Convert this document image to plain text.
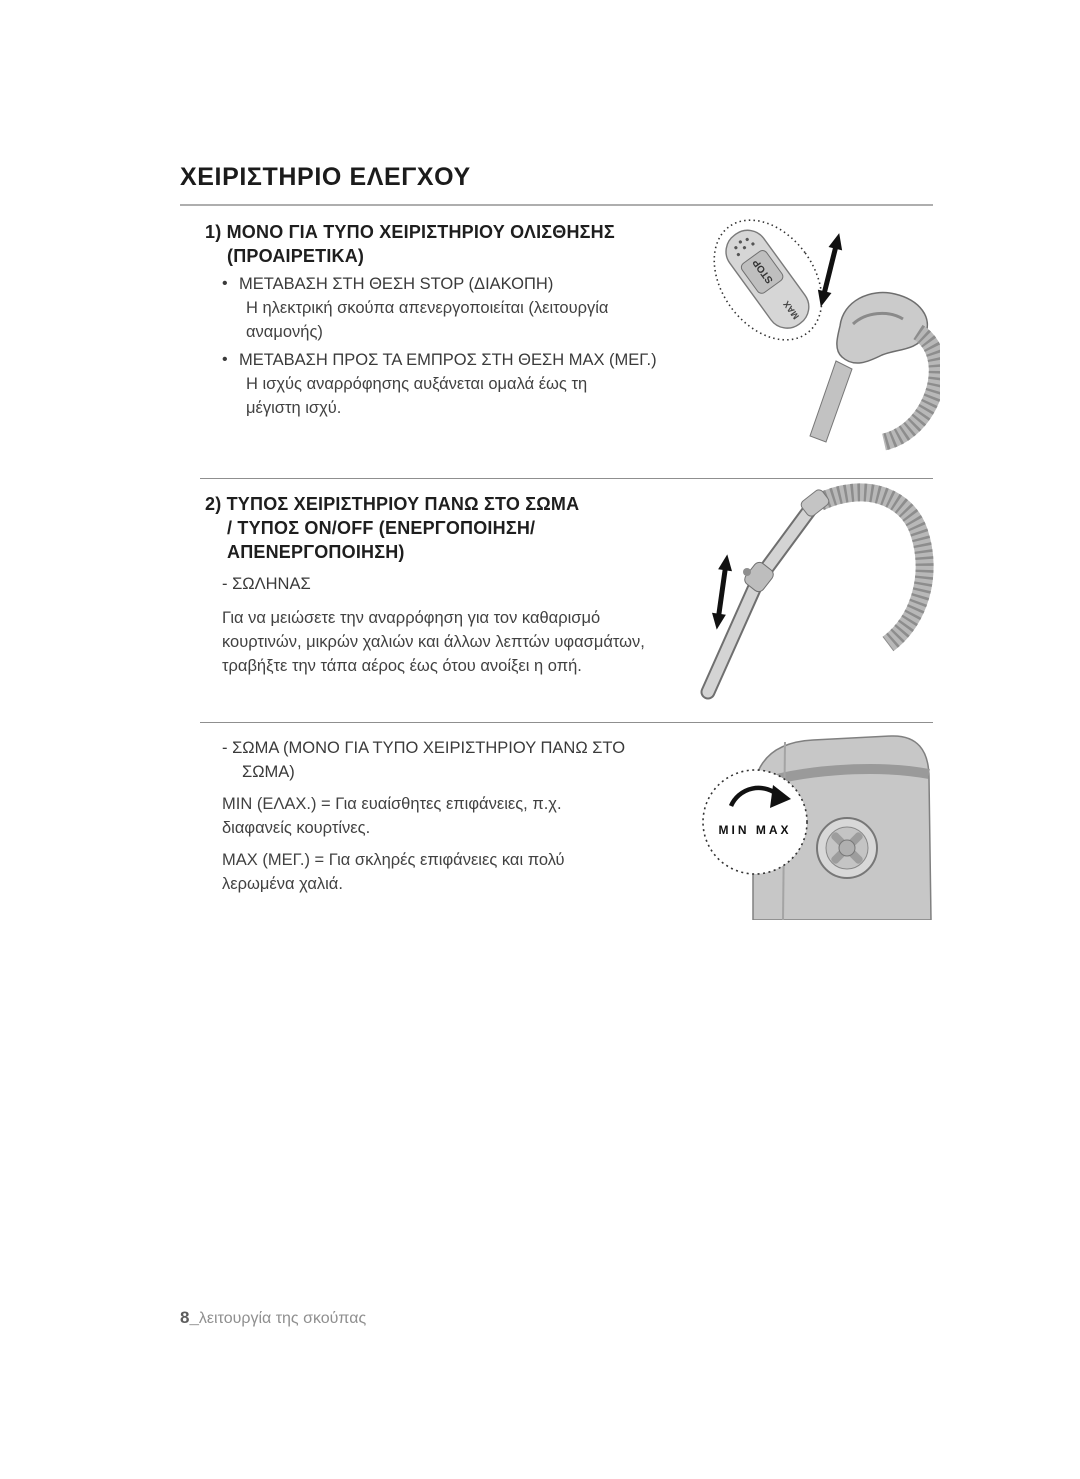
ΧΕΙΡΙΣΤΗΡΙΟ ΕΛΕΓΧΟΥ
1) ΜΟΝΟ ΓΙΑ ΤΥΠΟ ΧΕΙΡΙΣΤΗΡΙΟΥ ΟΛΙΣΘΗΣΗΣ
(ΠΡΟΑΙΡΕΤΙΚΑ)
• ΜΕΤΑΒΑΣΗ ΣΤΗ ΘΕΣΗ STOP (ΔΙΑΚΟΠΗ)
Η ηλεκτρική σκούπα απενεργοποιείται (λειτουργία αναμονής)
• ΜΕΤΑΒΑΣΗ ΠΡΟΣ ΤΑ ΕΜΠΡΟΣ ΣΤΗ ΘΕΣΗ MAX (ΜΕΓ.)
Η ισχύς αναρρόφησης αυξάνεται ομαλά έως τη μέγιστη ισχύ.
STOP
MAX
2) ΤΥΠΟΣ ΧΕΙΡΙΣΤΗΡΙΟΥ ΠΑΝΩ ΣΤΟ ΣΩΜΑ
/ ΤΥΠΟΣ ON/OFF (ΕΝΕΡΓΟΠΟΙΗΣΗ/
ΑΠΕΝΕΡΓΟΠΟΙΗΣΗ)
- ΣΩΛΗΝΑΣ
Για να μειώσετε την αναρρόφηση για τον καθαρισμό κουρτινών, μικρών χαλιών και άλλων λεπτών υφασμάτων, τραβήξτε την τάπα αέρος έως ότου ανοίξει η οπή.
- ΣΩΜΑ (ΜΟΝΟ ΓΙΑ ΤΥΠΟ ΧΕΙΡΙΣΤΗΡΙΟΥ ΠΑΝΩ ΣΤΟ ΣΩΜΑ)
MIN (ΕΛΑΧ.) = Για ευαίσθητες επιφάνειες, π.χ. διαφανείς κουρτίνες.
MAX (ΜΕΓ.) = Για σκληρές επιφάνειες και πολύ λερωμένα χαλιά.
MIN MAX
8_λειτουργία της σκούπας
